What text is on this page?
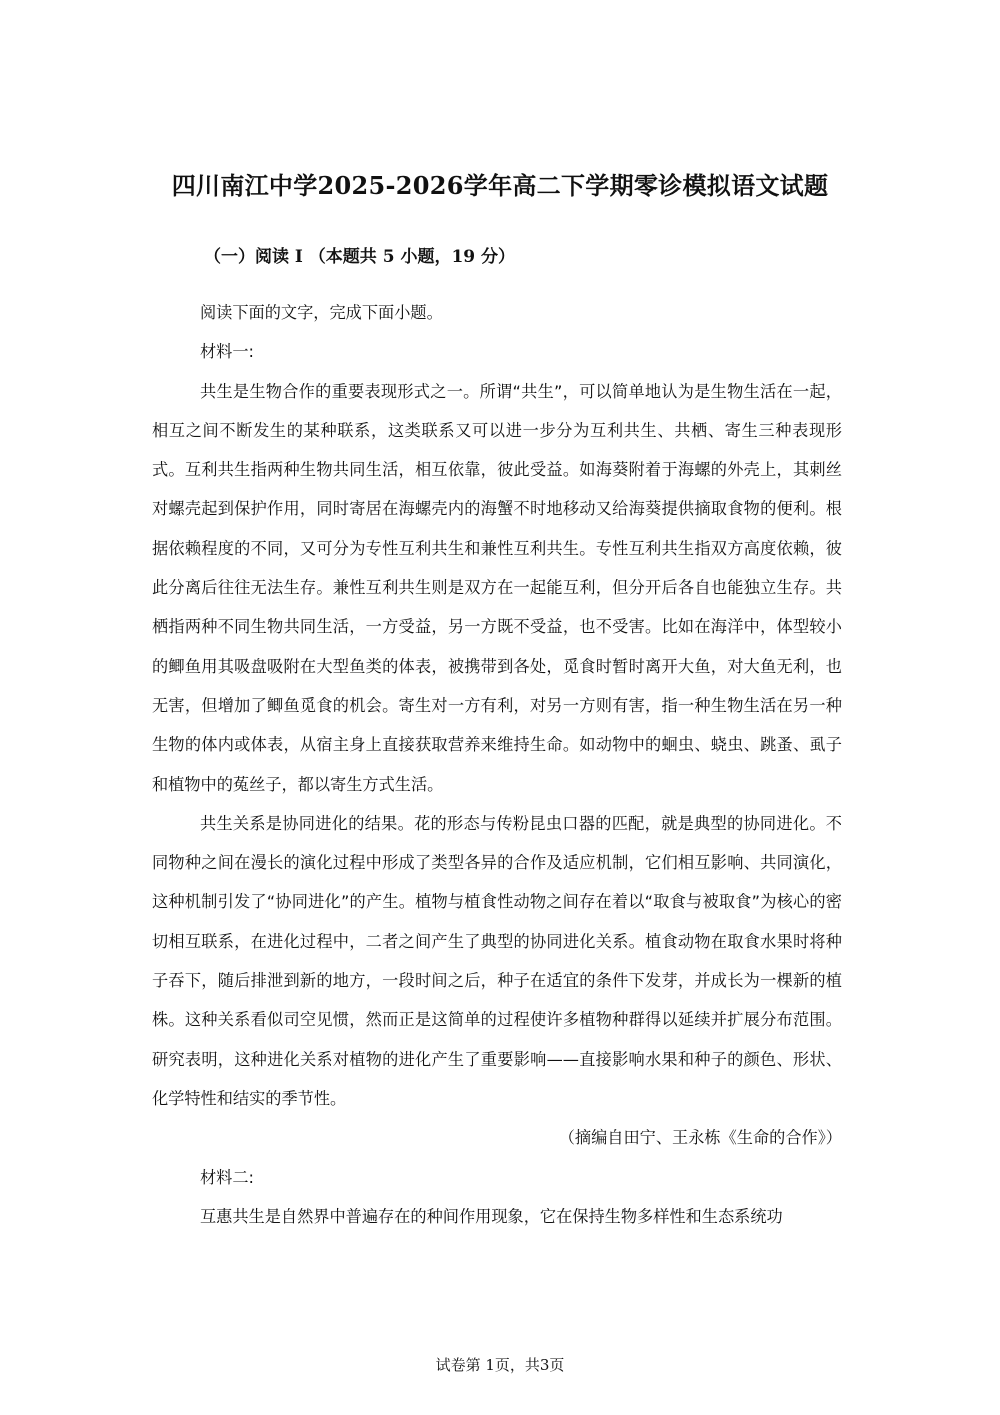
四川南江中学2025-2026学年高二下学期零诊模拟语文试题
（一）阅读 I （本题共 5 小题，19 分）

阅读下面的文字，完成下面小题。

材料一:

共生是生物合作的重要表现形式之一。所谓“共生”，可以简单地认为是生物生活在一起，相互之间不断发生的某种联系，这类联系又可以进一步分为互利共生、共栖、寄生三种表现形式。互利共生指两种生物共同生活，相互依靠，彼此受益。如海葵附着于海螺的外壳上，其刺丝对螺壳起到保护作用，同时寄居在海螺壳内的海蟹不时地移动又给海葵提供摘取食物的便利。根据依赖程度的不同，又可分为专性互利共生和兼性互利共生。专性互利共生指双方高度依赖，彼此分离后往往无法生存。兼性互利共生则是双方在一起能互利，但分开后各自也能独立生存。共栖指两种不同生物共同生活，一方受益，另一方既不受益，也不受害。比如在海洋中，体型较小的鲫鱼用其吸盘吸附在大型鱼类的体表，被携带到各处，觅食时暂时离开大鱼，对大鱼无利，也无害，但增加了鲫鱼觅食的机会。寄生对一方有利，对另一方则有害，指一种生物生活在另一种生物的体内或体表，从宿主身上直接获取营养来维持生命。如动物中的蛔虫、蛲虫、跳蚤、虱子和植物中的菟丝子，都以寄生方式生活。

共生关系是协同进化的结果。花的形态与传粉昆虫口器的匹配，就是典型的协同进化。不同物种之间在漫长的演化过程中形成了类型各异的合作及适应机制，它们相互影响、共同演化，这种机制引发了“协同进化”的产生。植物与植食性动物之间存在着以“取食与被取食”为核心的密切相互联系，在进化过程中，二者之间产生了典型的协同进化关系。植食动物在取食水果时将种子吞下，随后排泄到新的地方，一段时间之后，种子在适宜的条件下发芽，并成长为一棵新的植株。这种关系看似司空见惯，然而正是这简单的过程使许多植物种群得以延续并扩展分布范围。研究表明，这种进化关系对植物的进化产生了重要影响——直接影响水果和种子的颜色、形状、化学特性和结实的季节性。

（摘编自田宁、王永栋《生命的合作》）

材料二:

互惠共生是自然界中普遍存在的种间作用现象，它在保持生物多样性和生态系统功

试卷第 1页，共3页
